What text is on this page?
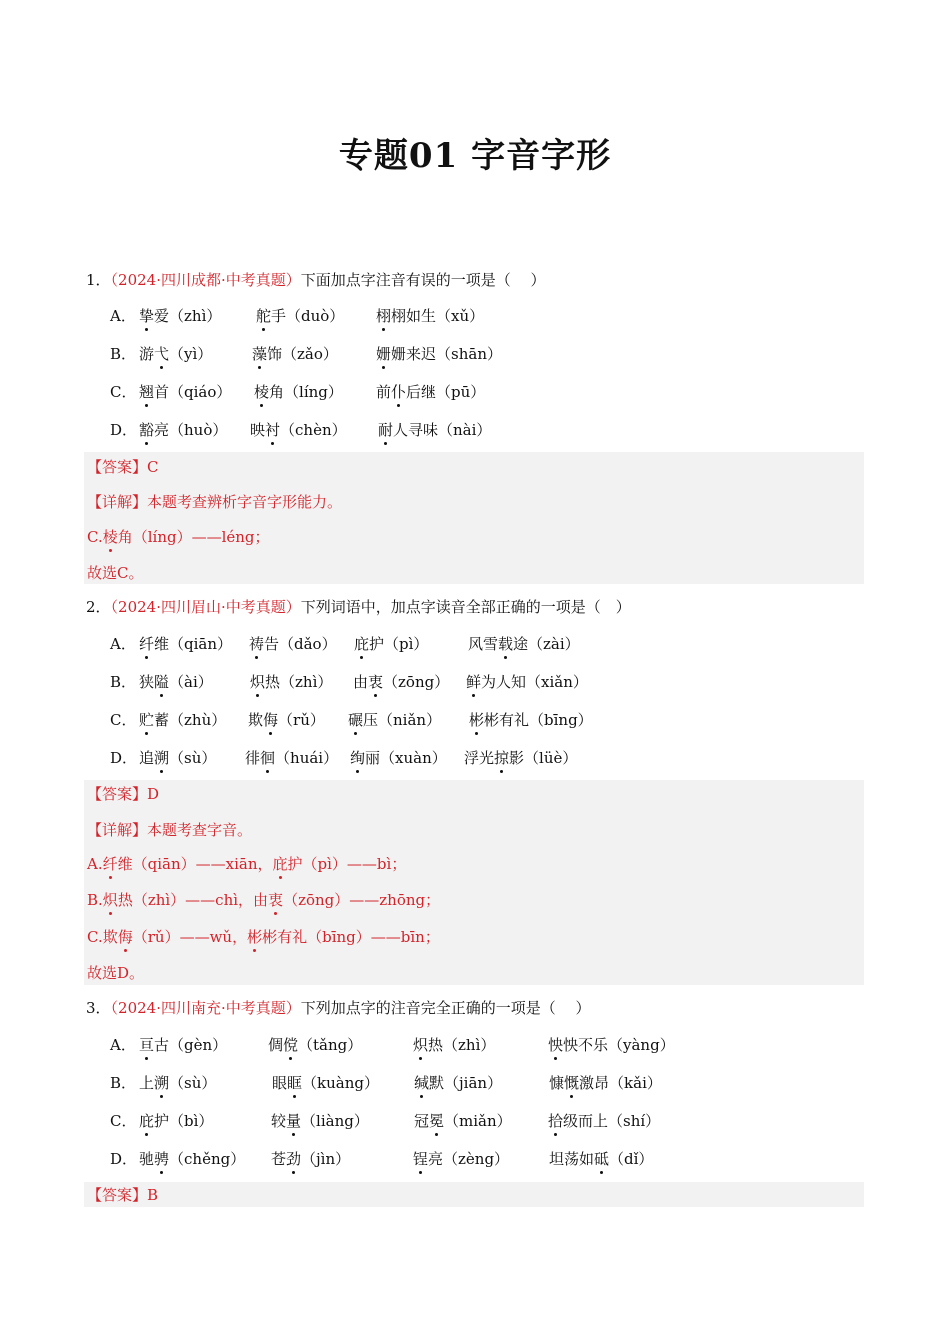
专题01 字音字形
1．（2024·四川成都·中考真题）下面加点字注音有误的一项是（　 ）
A． 挚爱（zhì） 舵手（duò） 栩栩如生（xǔ）
B． 游弋（yì）	藻饰（zǎo）	姗姗来迟（shān）
C． 翘首（qiáo） 棱角（líng） 前仆后继（pū）
D． 豁亮（huò） 映衬（chèn） 耐人寻味（nài）
【答案】C
【详解】本题考查辨析字音字形能力。
C.棱角（líng）——léng；
故选C。
2．（2024·四川眉山·中考真题）下列词语中，加点字读音全部正确的一项是（　）
A． 纤维（qiān） 祷告（dǎo） 庇护（pì）	风雪载途（zài）
B． 狭隘（ài） 炽热（zhì） 由衷（zōng） 鲜为人知（xiǎn）
C． 贮蓄（zhù） 欺侮（rǔ） 碾压（niǎn） 彬彬有礼（bīng）
D． 追溯（sù） 徘徊（huái） 绚丽（xuàn） 浮光掠影（lüè）
【答案】D
【详解】本题考查字音。
A.纤维（qiān）——xiān，庇护（pì）——bì；
B.炽热（zhì）——chì，由衷（zōng）——zhōng；
C.欺侮（rǔ）——wǔ，彬彬有礼（bīng）——bīn；
故选D。
3．（2024·四川南充·中考真题）下列加点字的注音完全正确的一项是（　 ）
A． 亘古（gèn）	倜傥（tǎng）	炽热（zhì）	怏怏不乐（yàng）
B． 上溯（sù）	眼眶（kuàng） 缄默（jiān）	慷慨激昂（kǎi）
C． 庇护（bì）	较量（liàng）	冠冕（miǎn） 拾级而上（shí）
D． 驰骋（chěng） 苍劲（jìn）	锃亮（zèng）	坦荡如砥（dǐ）
【答案】B
